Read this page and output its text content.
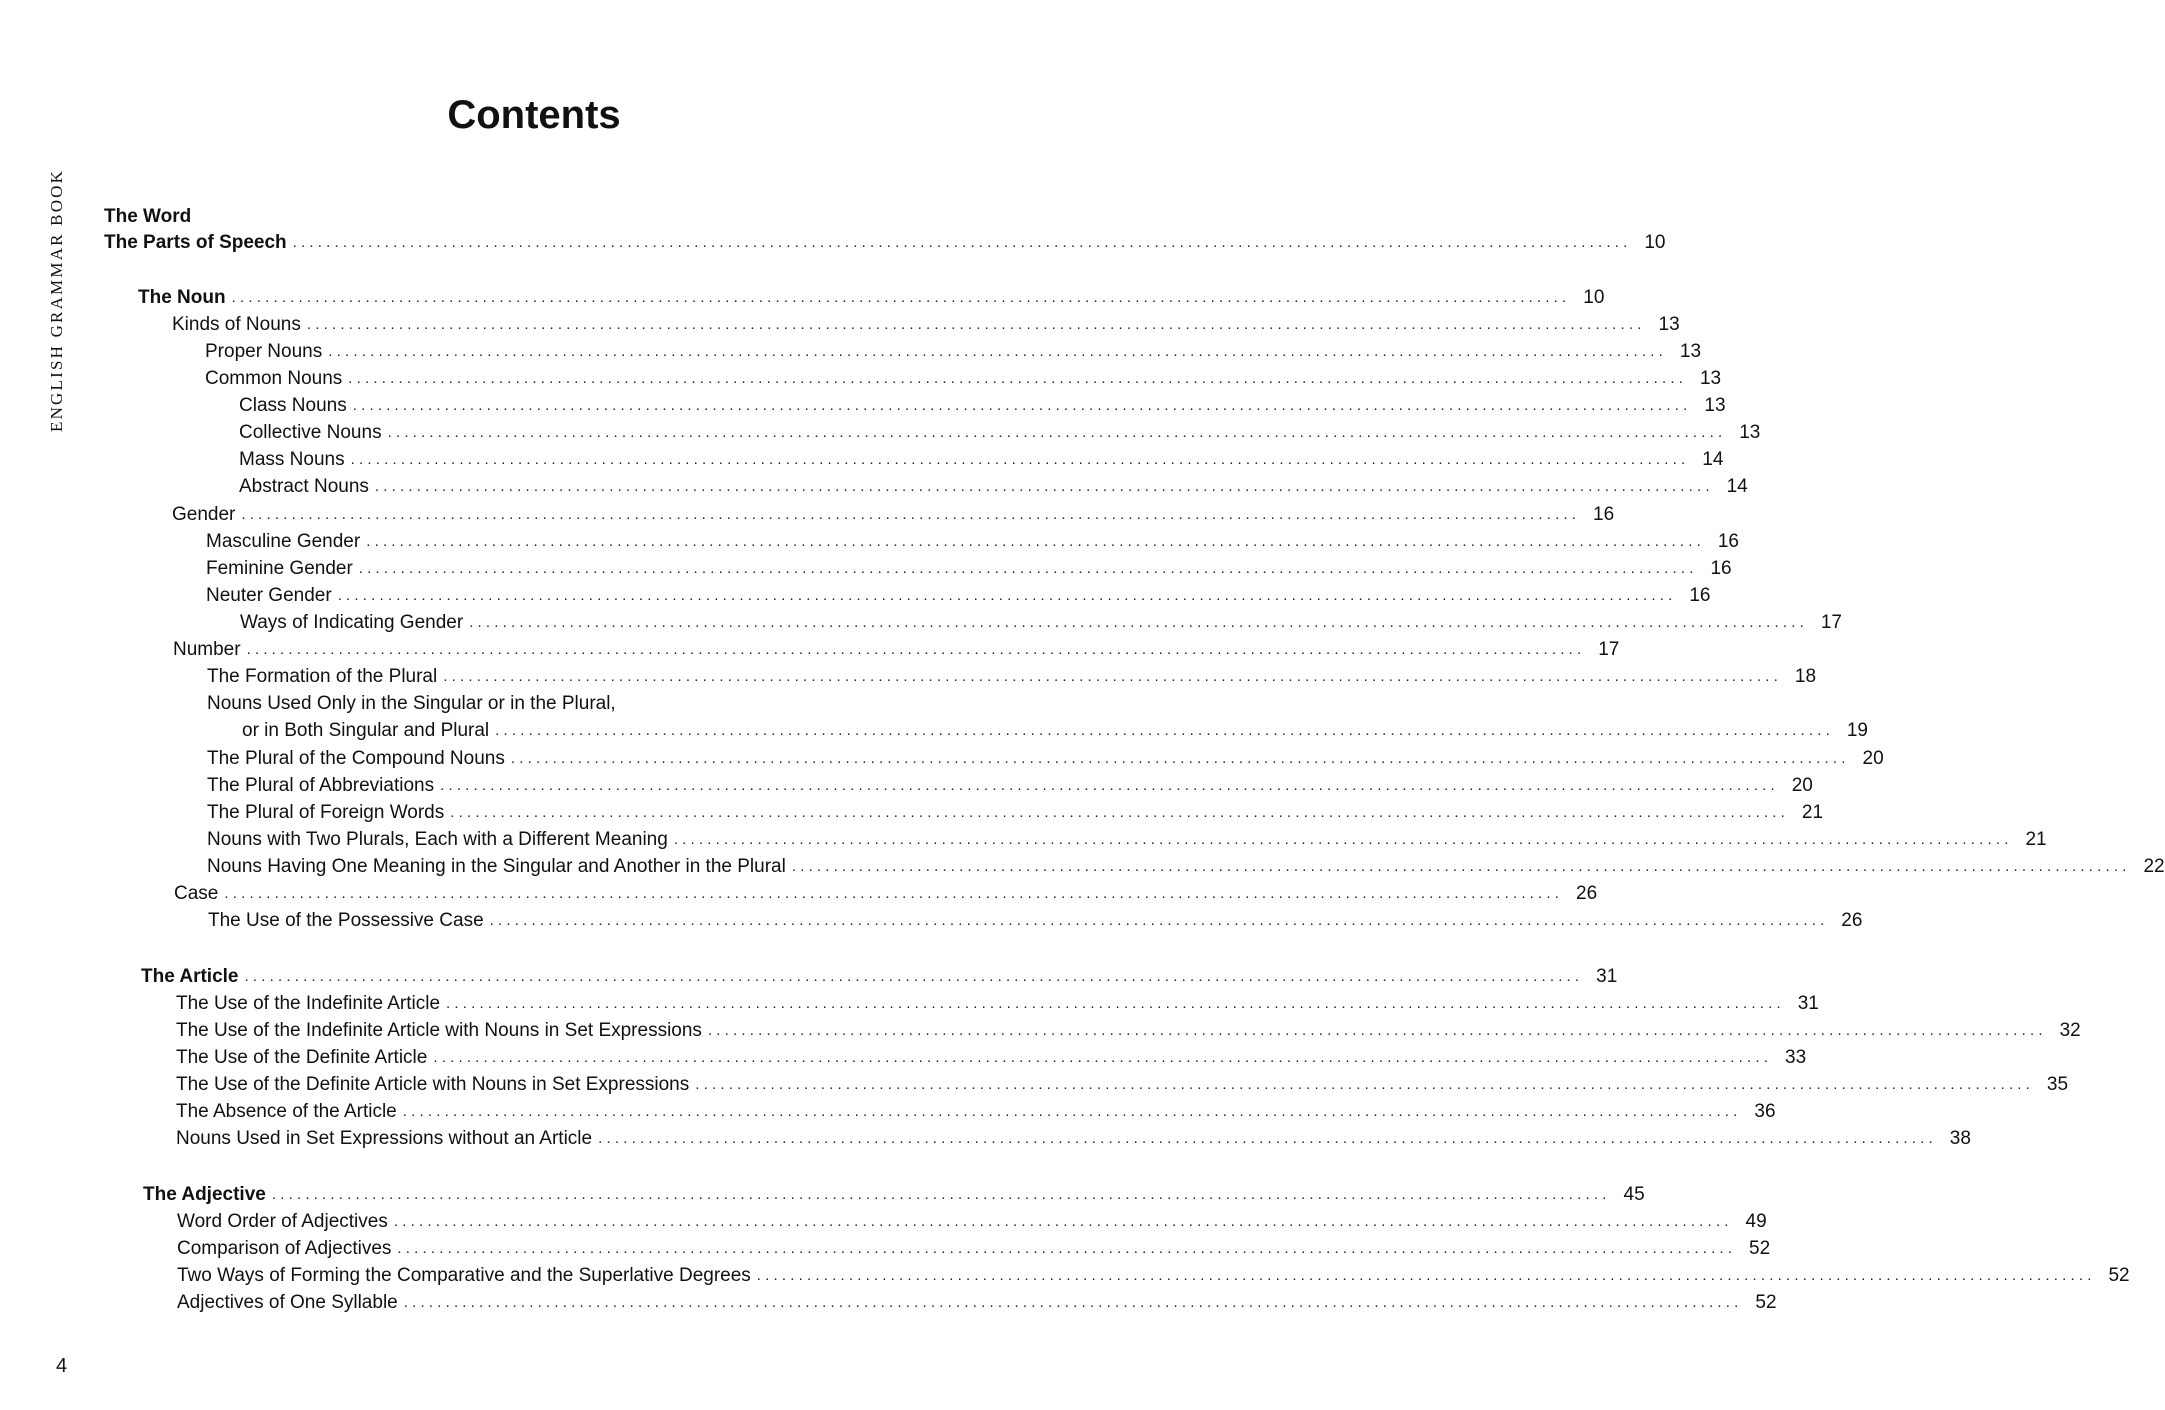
ENGLISH GRAMMAR BOOK
Contents
The Word
The Parts of Speech ................................................................................................................................................................ 10
The Noun ................................................................................................................................................................ 10
Kinds of Nouns ................................................................................................................................................................ 13
Proper Nouns ................................................................................................................................................................ 13
Common Nouns ................................................................................................................................................................ 13
Class Nouns ................................................................................................................................................................ 13
Collective Nouns ................................................................................................................................................................ 13
Mass Nouns ................................................................................................................................................................ 14
Abstract Nouns ................................................................................................................................................................ 14
Gender ................................................................................................................................................................ 16
Masculine Gender ................................................................................................................................................................ 16
Feminine Gender ................................................................................................................................................................ 16
Neuter Gender ................................................................................................................................................................ 16
Ways of Indicating Gender ................................................................................................................................................................ 17
Number ................................................................................................................................................................ 17
The Formation of the Plural ................................................................................................................................................................ 18
Nouns Used Only in the Singular or in the Plural,
or in Both Singular and Plural ................................................................................................................................................................ 19
The Plural of the Compound Nouns ................................................................................................................................................................ 20
The Plural of Abbreviations ................................................................................................................................................................ 20
The Plural of Foreign Words ................................................................................................................................................................ 21
Nouns with Two Plurals, Each with a Different Meaning ................................................................................................................................................................ 21
Nouns Having One Meaning in the Singular and Another in the Plural ................................................................................................................................................................ 22
Case ................................................................................................................................................................ 26
The Use of the Possessive Case ................................................................................................................................................................ 26
The Article ................................................................................................................................................................ 31
The Use of the Indefinite Article ................................................................................................................................................................ 31
The Use of the Indefinite Article with Nouns in Set Expressions ................................................................................................................................................................ 32
The Use of the Definite Article ................................................................................................................................................................ 33
The Use of the Definite Article with Nouns in Set Expressions ................................................................................................................................................................ 35
The Absence of the Article ................................................................................................................................................................ 36
Nouns Used in Set Expressions without an Article ................................................................................................................................................................ 38
The Adjective ................................................................................................................................................................ 45
Word Order of Adjectives ................................................................................................................................................................ 49
Comparison of Adjectives ................................................................................................................................................................ 52
Two Ways of Forming the Comparative and the Superlative Degrees ................................................................................................................................................................ 52
Adjectives of One Syllable ................................................................................................................................................................ 52
4
